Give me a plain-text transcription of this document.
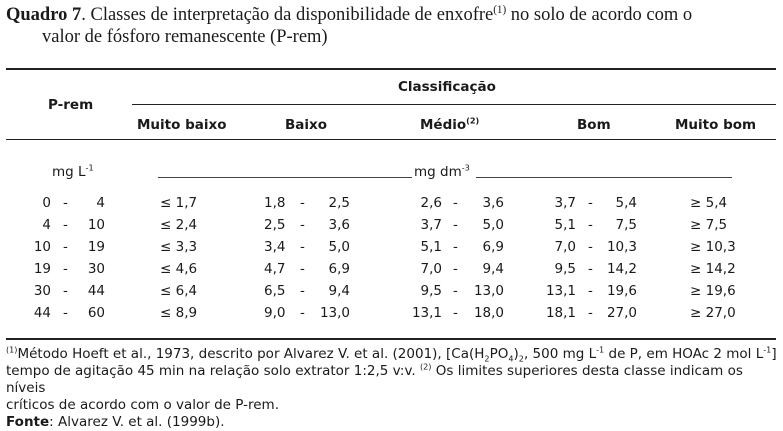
Quadro 7. Classes de interpretação da disponibilidade de enxofre$^{(1)}$ no solo de acordo com o
valor de fósforo remanescente (P-rem)
P-rem
Classificação
Muito baixo	Baixo	Médio$^{(2)}$	Bom	Muito bom
mg $L^{-1}$	mg $dm^{-3}$
0 -	4	≤ 1,7	1,8 -	2,5	2,6 -	3,6	3,7 -	5,4	≥ 5,4
4 -	10	≤ 2,4	2,5 -	3,6	3,7 -	5,0	5,1 -	7,5	≥ 7,5
10 -	19	≤ 3,3	3,4 -	5,0	5,1 -	6,9	7,0 -	10,3	≥ 10,3
19 -	30	≤ 4,6	4,7 -	6,9	7,0 -	9,4	9,5 -	14,2	≥ 14,2
30 -	44	≤ 6,4	6,5 -	9,4	9,5 - 13,0	13,1 -	19,6	≥ 19,6
44 -	60	≤ 8,9	9,0 - 13,0	13,1 - 18,0	18,1 -	27,0	≥ 27,0
$^{(1)}$Método Hoeft et al., 1973, descrito por Alvarez V. et al. (2001), [$Ca(H_2PO_4)_2$, 500 mg $L^{-1}$ de P, em HOAc 2 mol $L^{-1}$]
tempo de agitação 45 min na relação solo extrator 1:2,5 v:v. $^{(2)}$ Os limites superiores desta classe indicam os níveis
críticos de acordo com o valor de P-rem.
Fonte: Alvarez V. et al. (1999b).
